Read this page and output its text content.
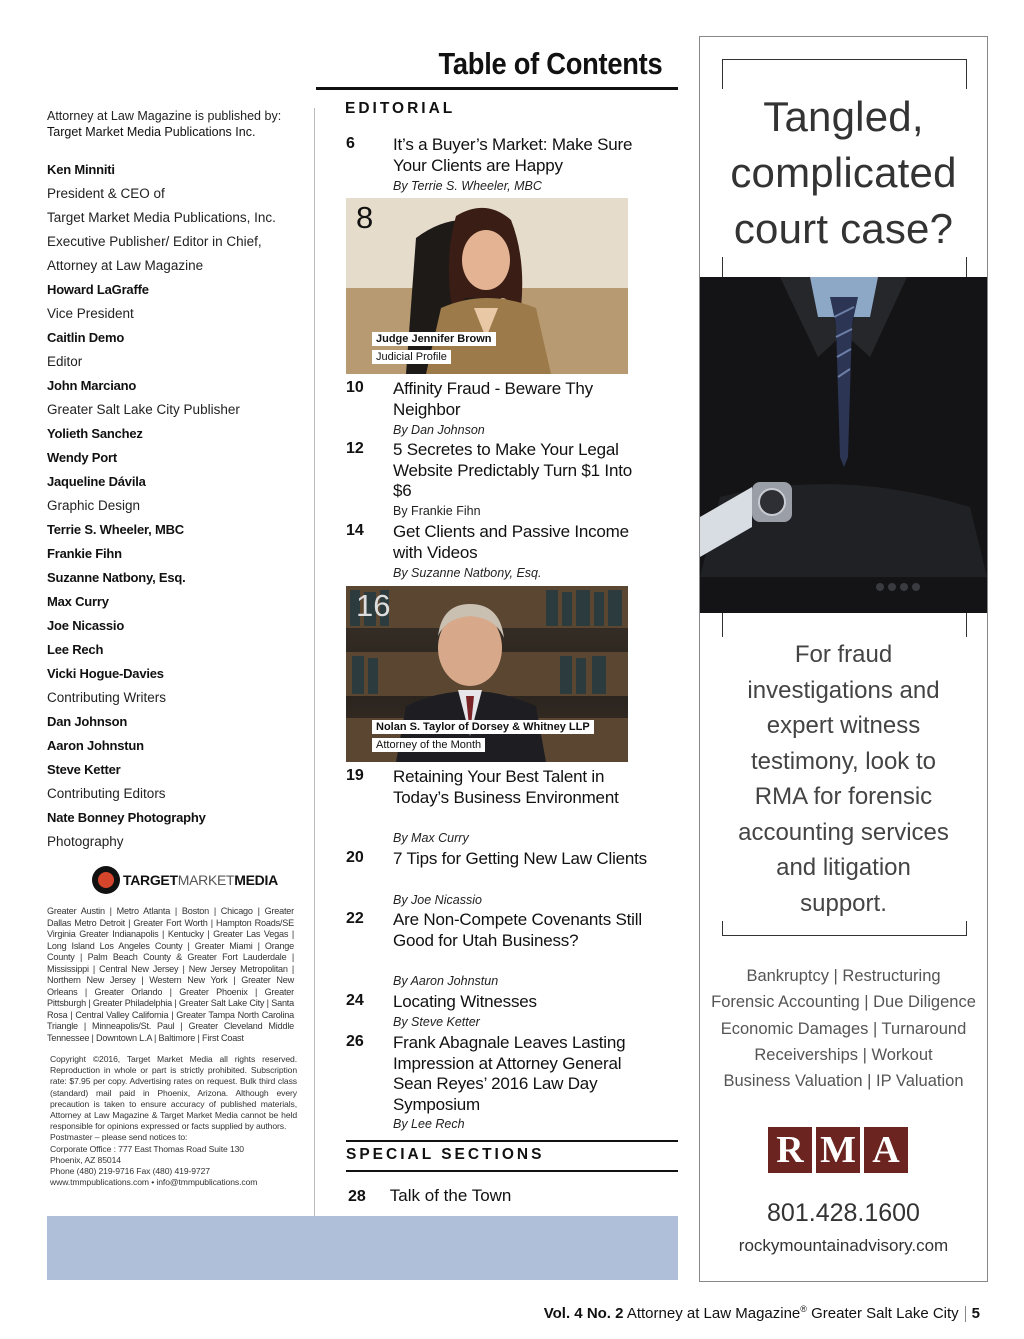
Table of Contents

Attorney at Law Magazine is published by:
Target Market Media Publications Inc.

Ken Minniti
President & CEO of
Target Market Media Publications, Inc.
Executive Publisher/ Editor in Chief,
Attorney at Law Magazine
Howard LaGraffe
Vice President
Caitlin Demo
Editor
John Marciano
Greater Salt Lake City Publisher
Yolieth Sanchez
Wendy Port
Jaqueline Dávila
Graphic Design
Terrie S. Wheeler, MBC
Frankie Fihn
Suzanne Natbony, Esq.
Max Curry
Joe Nicassio
Lee Rech
Vicki Hogue-Davies
Contributing Writers
Dan Johnson
Aaron Johnstun
Steve Ketter
Contributing Editors
Nate Bonney Photography
Photography
TARGETMARKETMEDIA
Greater Austin | Metro Atlanta | Boston | Chicago | Greater Dallas Metro Detroit | Greater Fort Worth | Hampton Roads/SE Virginia Greater Indianapolis | Kentucky | Greater Las Vegas | Long Island Los Angeles County | Greater Miami | Orange County | Palm Beach County & Greater Fort Lauderdale | Mississippi | Central New Jersey | New Jersey Metropolitan | Northern New Jersey | Western New York | Greater New Orleans | Greater Orlando | Greater Phoenix | Greater Pittsburgh | Greater Philadelphia | Greater Salt Lake City | Santa Rosa | Central Valley California | Greater Tampa North Carolina Triangle | Minneapolis/St. Paul | Greater Cleveland Middle Tennessee | Downtown L.A | Baltimore | First Coast
Copyright ©2016, Target Market Media all rights reserved. Reproduction in whole or part is strictly prohibited. Subscription rate: $7.95 per copy. Advertising rates on request. Bulk third class (standard) mail paid in Phoenix, Arizona. Although every precaution is taken to ensure accuracy of published materials, Attorney at Law Magazine & Target Market Media cannot be held responsible for opinions expressed or facts supplied by authors.
Postmaster – please send notices to:
Corporate Office : 777 East Thomas Road Suite 130
Phoenix, AZ 85014
Phone (480) 219-9716 Fax (480) 419-9727
www.tmmpublications.com • info@tmmpublications.com
EDITORIAL
6 It’s a Buyer’s Market: Make Sure Your Clients are Happy
By Terrie S. Wheeler, MBC
8
Judge Jennifer Brown
Judicial Profile
10 Affinity Fraud - Beware Thy Neighbor
By Dan Johnson
12 5 Secretes to Make Your Legal Website Predictably Turn $1 Into $6
By Frankie Fihn
14 Get Clients and Passive Income with Videos
By Suzanne Natbony, Esq.
16
Nolan S. Taylor of Dorsey & Whitney LLP
Attorney of the Month
19 Retaining Your Best Talent in Today’s Business Environment
By Max Curry
20 7 Tips for Getting New Law Clients
By Joe Nicassio
22 Are Non-Compete Covenants Still Good for Utah Business?
By Aaron Johnstun
24 Locating Witnesses
By Steve Ketter
26 Frank Abagnale Leaves Lasting Impression at Attorney General Sean Reyes’ 2016 Law Day Symposium
By Lee Rech
SPECIAL SECTIONS
28 Talk of the Town
Tangled,
complicated
court case?
For fraud
investigations and
expert witness
testimony, look to
RMA for forensic
accounting services
and litigation
support.
Bankruptcy | Restructuring
Forensic Accounting | Due Diligence
Economic Damages | Turnaround
Receiverships | Workout
Business Valuation | IP Valuation
R M A
801.428.1600
rockymountainadvisory.com
Vol. 4 No. 2 Attorney at Law Magazine® Greater Salt Lake City 5
